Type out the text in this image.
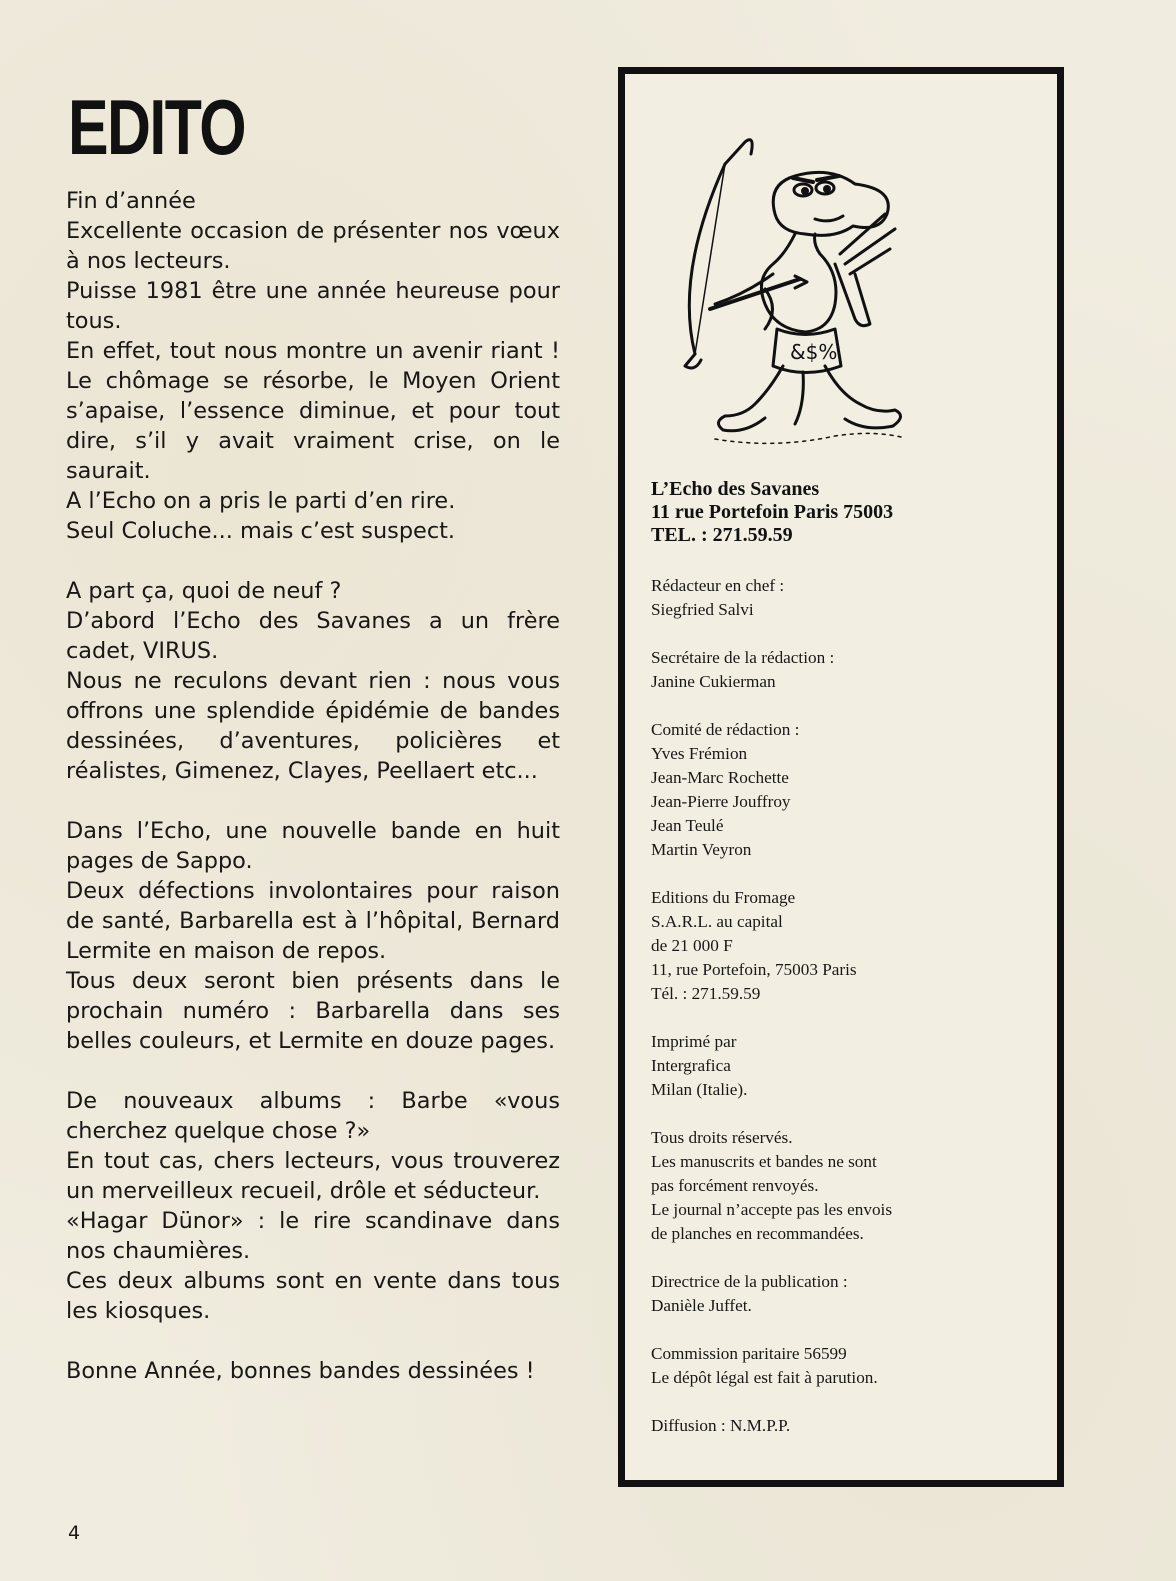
EDITO

Fin d’année

Excellente occasion de présenter nos vœux à nos lecteurs.

Puisse 1981 être une année heureuse pour tous.

En effet, tout nous montre un avenir riant ! Le chômage se résorbe, le Moyen Orient s’apaise, l’essence diminue, et pour tout dire, s’il y avait vraiment crise, on le saurait.

A l’Echo on a pris le parti d’en rire.

Seul Coluche... mais c’est suspect.

A part ça, quoi de neuf ?

D’abord l’Echo des Savanes a un frère cadet, VIRUS.

Nous ne reculons devant rien : nous vous offrons une splendide épidémie de bandes dessinées, d’aventures, policières et réalistes, Gimenez, Clayes, Peellaert etc...

Dans l’Echo, une nouvelle bande en huit pages de Sappo.

Deux défections involontaires pour raison de santé, Barbarella est à l’hôpital, Bernard Lermite en maison de repos.

Tous deux seront bien présents dans le prochain numéro : Barbarella dans ses belles couleurs, et Lermite en douze pages.

De nouveaux albums : Barbe «vous cherchez quelque chose ?»

En tout cas, chers lecteurs, vous trouverez un merveilleux recueil, drôle et séducteur.

«Hagar Dünor» : le rire scandinave dans nos chaumières.

Ces deux albums sont en vente dans tous les kiosques.

Bonne Année, bonnes bandes dessinées !

4
&$%
L’Echo des Savanes
11 rue Portefoin Paris 75003
TEL. : 271.59.59
Rédacteur en chef :
Siegfried Salvi
Secrétaire de la rédaction :
Janine Cukierman
Comité de rédaction :
Yves Frémion
Jean-Marc Rochette
Jean-Pierre Jouffroy
Jean Teulé
Martin Veyron
Editions du Fromage
S.A.R.L. au capital
de 21 000 F
11, rue Portefoin, 75003 Paris
Tél. : 271.59.59
Imprimé par
Intergrafica
Milan (Italie).
Tous droits réservés.
Les manuscrits et bandes ne sont
pas forcément renvoyés.
Le journal n’accepte pas les envois
de planches en recommandées.
Directrice de la publication :
Danièle Juffet.
Commission paritaire 56599
Le dépôt légal est fait à parution.
Diffusion : N.M.P.P.
